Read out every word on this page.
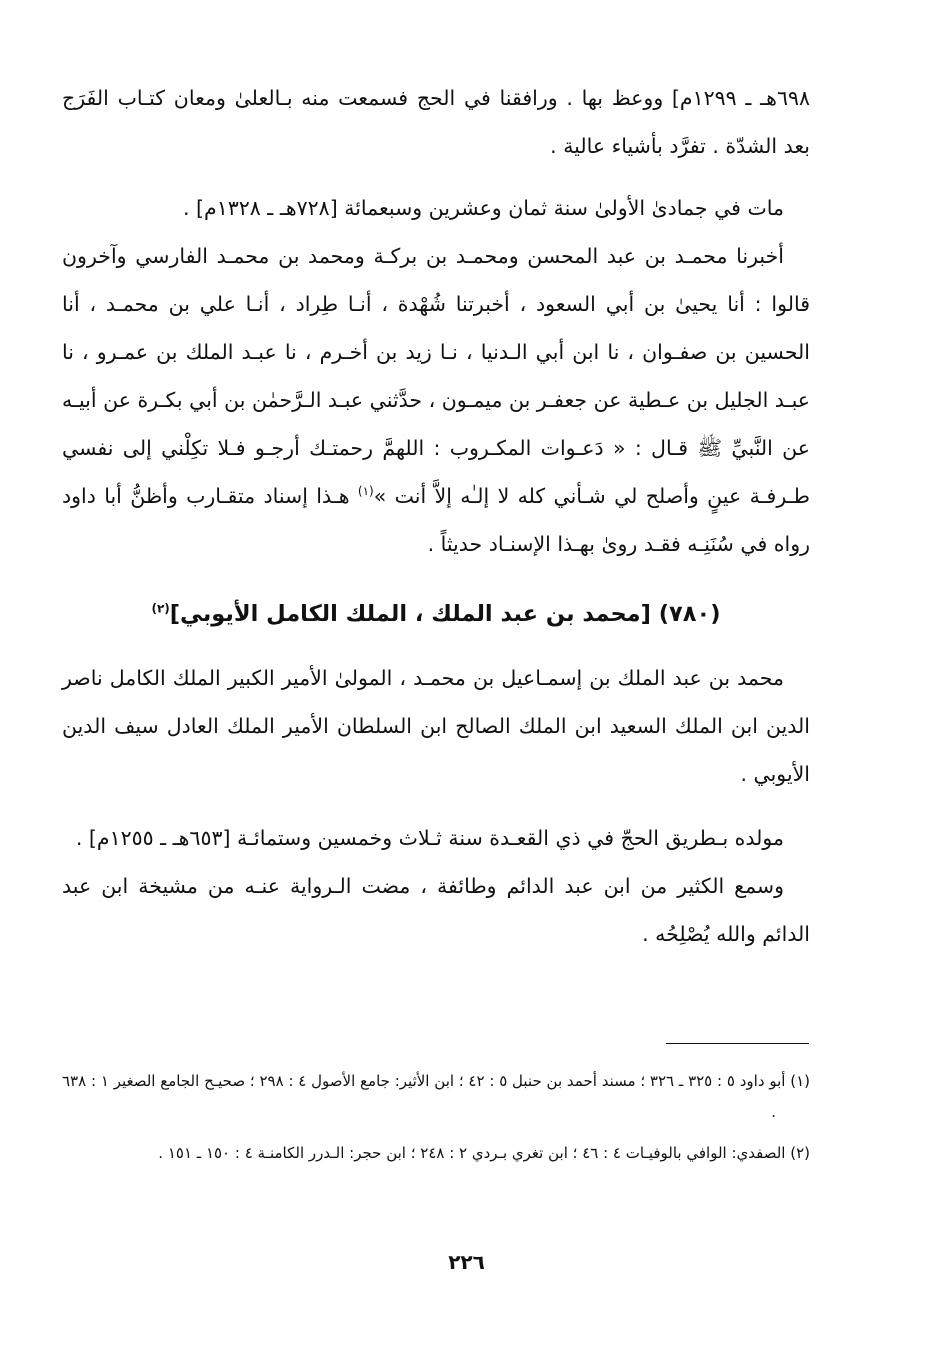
٦٩٨هـ ـ ١٢٩٩م] ووعظ بها . ورافقنا في الحج فسمعت منه بـالعلىٰ ومعان كتـاب الفَرَج بعد الشدّة . تفرَّد بأشياء عالية .

مات في جمادىٰ الأولىٰ سنة ثمان وعشرين وسبعمائة [٧٢٨هـ ـ ١٣٢٨م] .

أخبرنا محمـد بن عبد المحسن ومحمـد بن بركـة ومحمد بن محمـد الفارسي وآخرون قالوا : أنا يحيىٰ بن أبي السعود ، أخبرتنا شُهْدة ، أنـا طِراد ، أنـا علي بن محمـد ، أنا الحسين بن صفـوان ، نا ابن أبي الـدنيا ، نـا زيد بن أخـرم ، نا عبـد الملك بن عمـرو ، نا عبـد الجليل بن عـطية عن جعفـر بن ميمـون ، حدَّثني عبـد الـرَّحمٰن بن أبي بكـرة عن أبيـه عن النَّبيِّ ﷺ قـال : « دَعـوات المكـروب : اللهمَّ رحمتـك أرجـو فـلا تكِلْني إلى نفسي طـرفـة عينٍ وأصلح لي شـأني كله لا إلـٰه إلاَّ أنت »$^{(١)}$ هـذا إسناد متقـارب وأظنُّ أبا داود رواه في سُنَنِـه فقـد روىٰ بهـذا الإسنـاد حديثاً .

(٧٨٠) [محمد بن عبد الملك ، الملك الكامل الأيوبي]$^{(٢)}$

محمد بن عبد الملك بن إسمـاعيل بن محمـد ، المولىٰ الأمير الكبير الملك الكامل ناصر الدين ابن الملك السعيد ابن الملك الصالح ابن السلطان الأمير الملك العادل سيف الدين الأيوبي .

مولده بـطريق الحجّ في ذي القعـدة سنة ثـلاث وخمسين وستمائـة [٦٥٣هـ ـ ١٢٥٥م] .

وسمع الكثير من ابن عبد الدائم وطائفة ، مضت الـرواية عنـه من مشيخة ابن عبد الدائم والله يُصْلِحُه .

(١) أبو داود ٥ : ٣٢٥ ـ ٣٢٦ ؛ مسند أحمد بن حنبل ٥ : ٤٢ ؛ ابن الأثير: جامع الأصول ٤ : ٢٩٨ ؛ صحيـح الجامع الصغير ١ : ٦٣٨ .

(٢) الصفدي: الوافي بالوفيـات ٤ : ٤٦ ؛ ابن تغري بـردي ٢ : ٢٤٨ ؛ ابن حجر: الـدرر الكامنـة ٤ : ١٥٠ ـ ١٥١ .

٢٢٦
